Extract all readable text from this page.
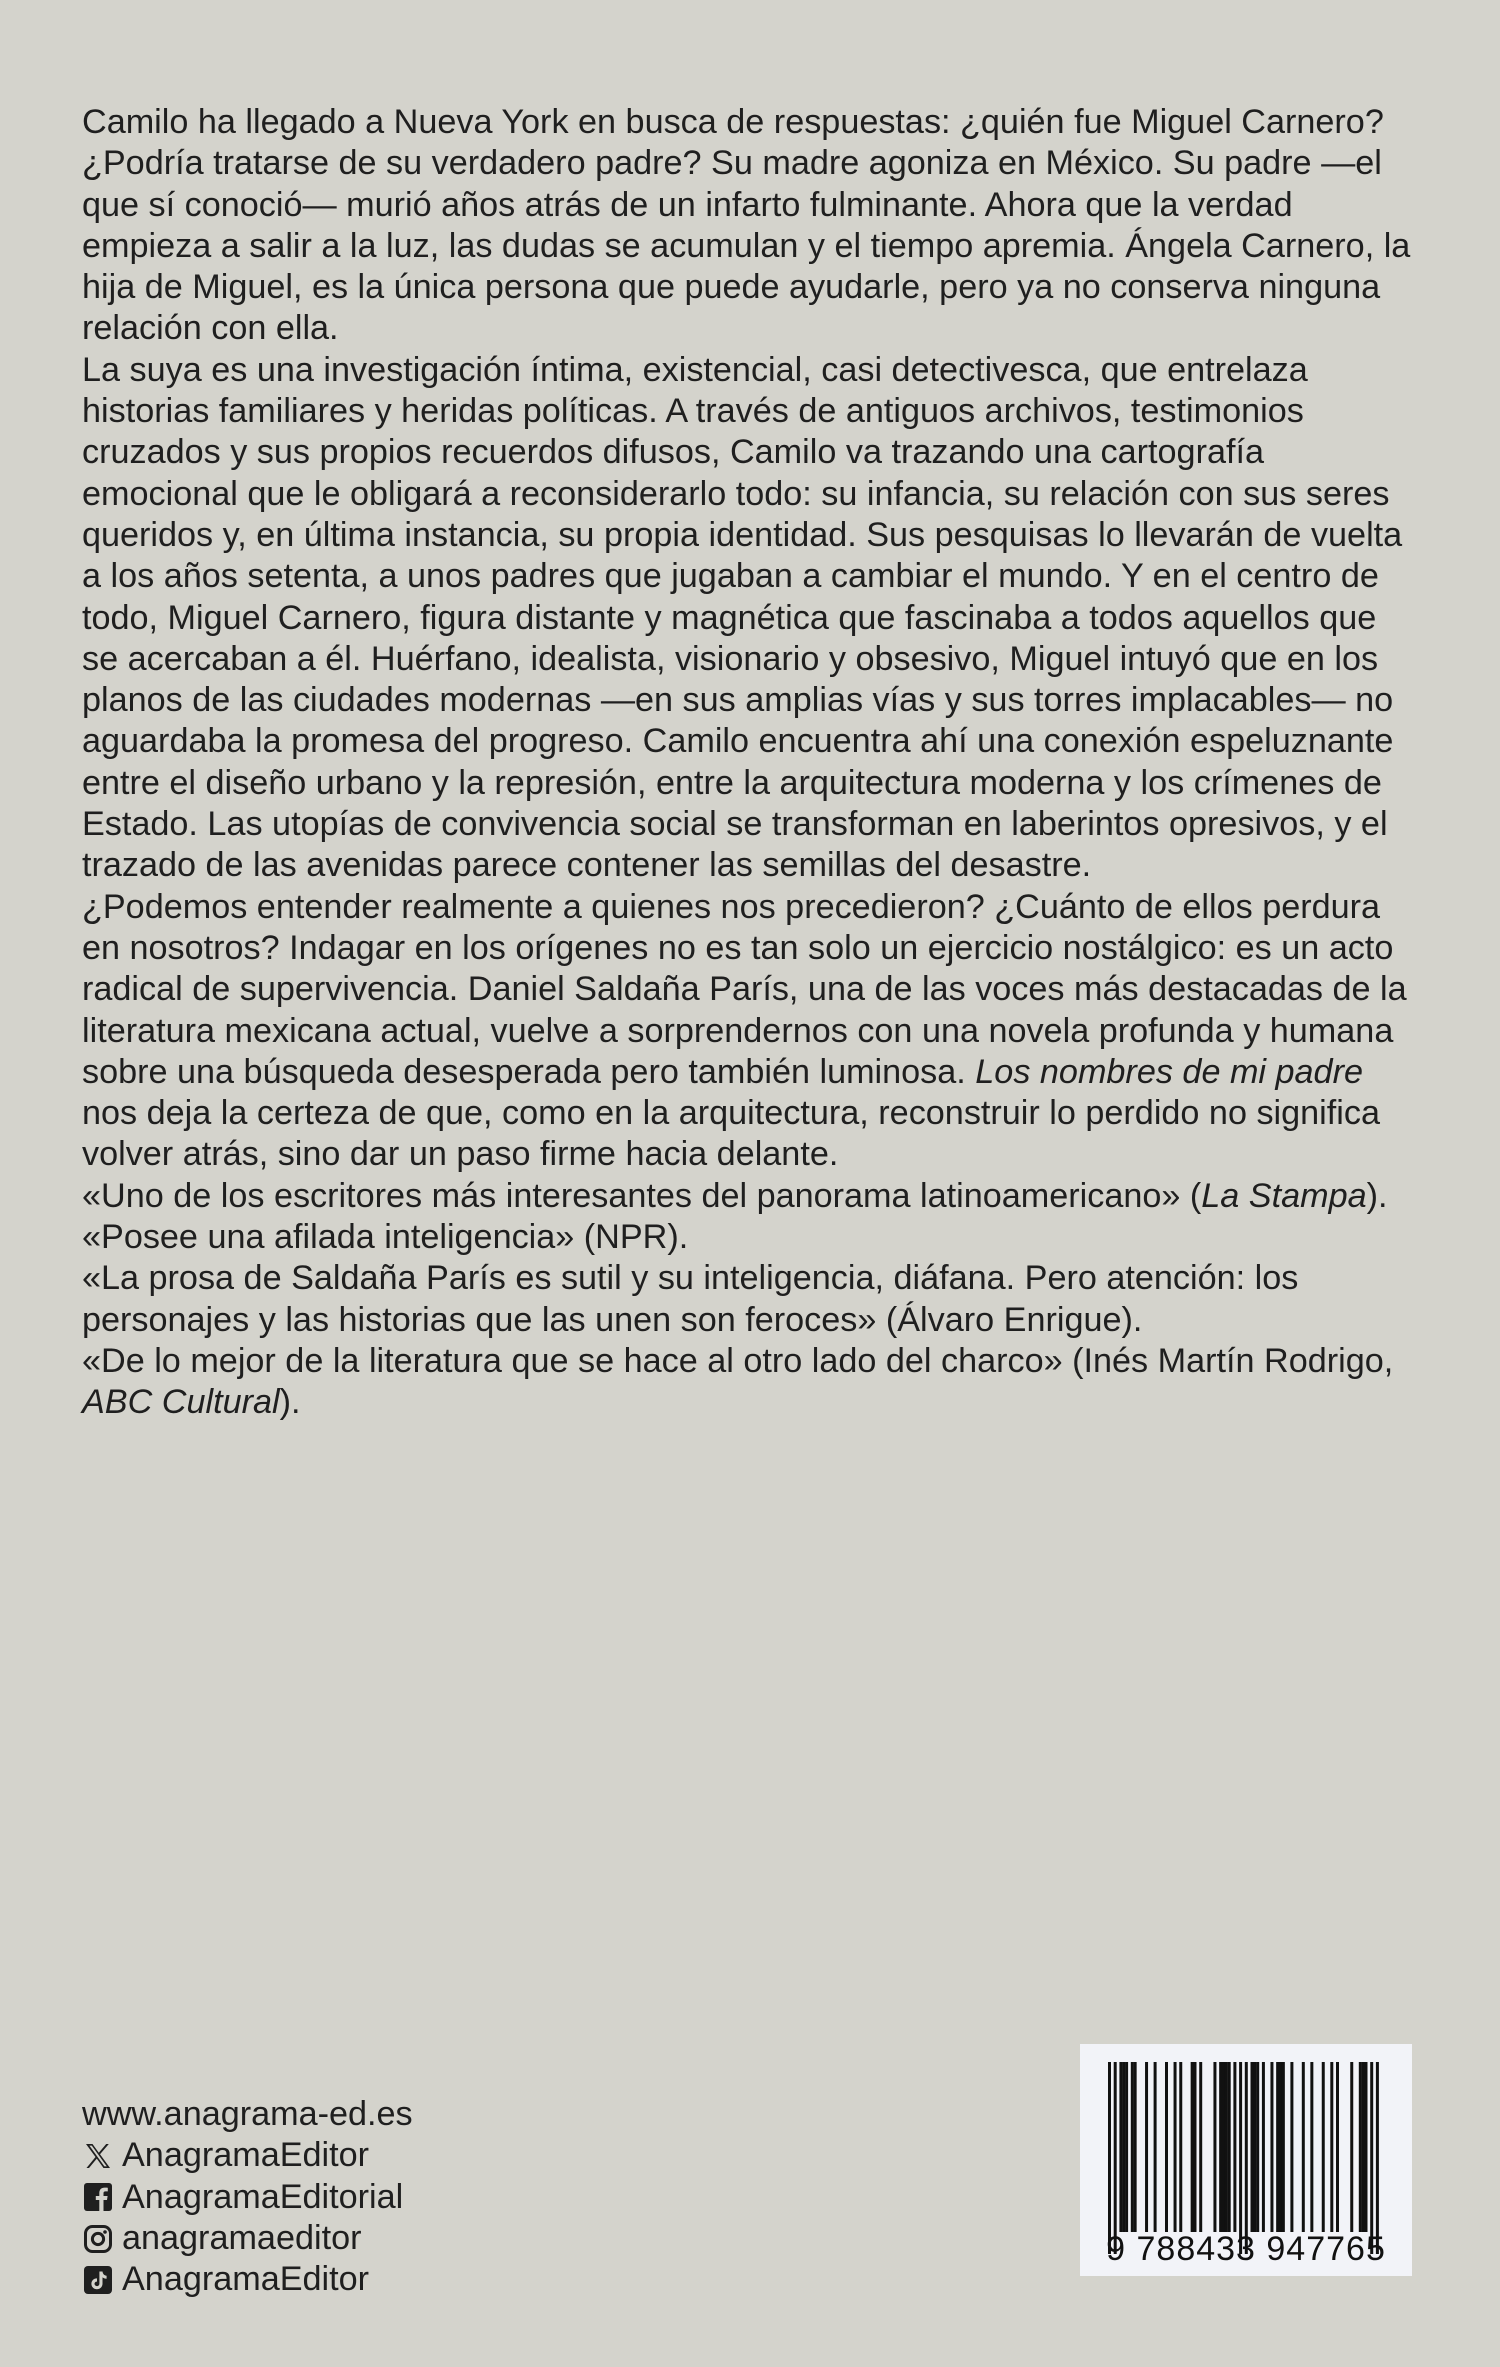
Camilo ha llegado a Nueva York en busca de respuestas: ¿quién fue Miguel Carnero? ¿Podría tratarse de su verdadero padre? Su madre agoniza en México. Su padre —el que sí conoció— murió años atrás de un infarto fulminante. Ahora que la verdad empieza a salir a la luz, las dudas se acumulan y el tiempo apremia. Ángela Carnero, la hija de Miguel, es la única persona que puede ayudarle, pero ya no conserva ninguna relación con ella.

La suya es una investigación íntima, existencial, casi detectivesca, que entrelaza historias familiares y heridas políticas. A través de antiguos archivos, testimonios cruzados y sus propios recuerdos difusos, Camilo va trazando una cartografía emocional que le obligará a reconsiderarlo todo: su infancia, su relación con sus seres queridos y, en última instancia, su propia identidad. Sus pesquisas lo llevarán de vuelta a los años setenta, a unos padres que jugaban a cambiar el mundo. Y en el centro de todo, Miguel Carnero, figura distante y magnética que fascinaba a todos aquellos que se acercaban a él. Huérfano, idealista, visionario y obsesivo, Miguel intuyó que en los planos de las ciudades modernas —en sus amplias vías y sus torres implacables— no aguardaba la promesa del progreso. Camilo encuentra ahí una conexión espeluznante entre el diseño urbano y la represión, entre la arquitectura moderna y los crímenes de Estado. Las utopías de convivencia social se transforman en laberintos opresivos, y el trazado de las avenidas parece contener las semillas del desastre.

¿Podemos entender realmente a quienes nos precedieron? ¿Cuánto de ellos perdura en nosotros? Indagar en los orígenes no es tan solo un ejercicio nostálgico: es un acto radical de supervivencia. Daniel Saldaña París, una de las voces más destacadas de la literatura mexicana actual, vuelve a sorprendernos con una novela profunda y humana sobre una búsqueda desesperada pero también luminosa. Los nombres de mi padre nos deja la certeza de que, como en la arquitectura, reconstruir lo perdido no significa volver atrás, sino dar un paso firme hacia delante.

«Uno de los escritores más interesantes del panorama latinoamericano» (La Stampa).

«Posee una afilada inteligencia» (NPR).

«La prosa de Saldaña París es sutil y su inteligencia, diáfana. Pero atención: los personajes y las historias que las unen son feroces» (Álvaro Enrigue).

«De lo mejor de la literatura que se hace al otro lado del charco» (Inés Martín Rodrigo, ABC Cultural).

www.anagrama-ed.es
AnagramaEditor
AnagramaEditorial
anagramaeditor
AnagramaEditor
9 788433 947765
